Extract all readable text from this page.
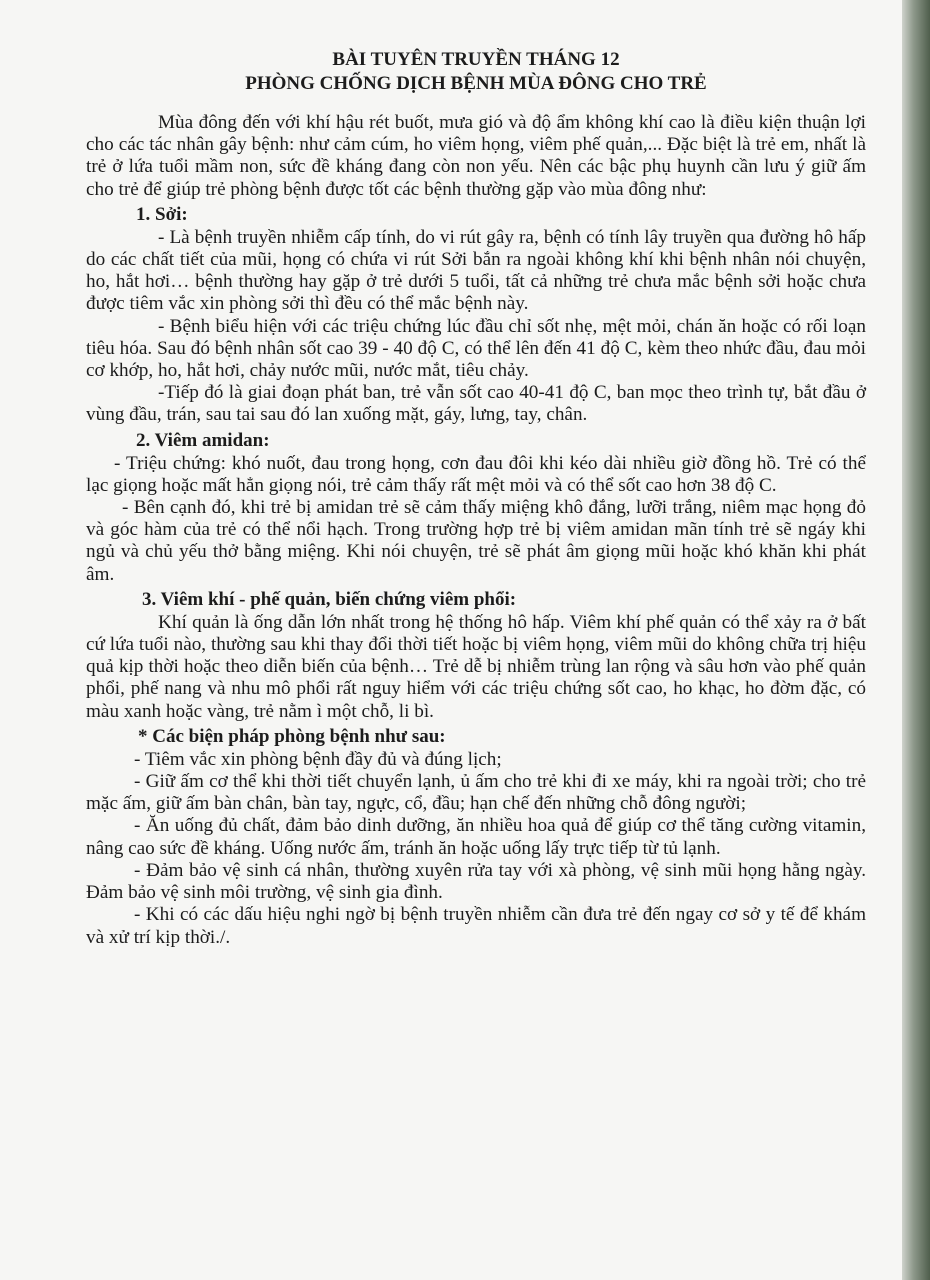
BÀI TUYÊN TRUYỀN THÁNG 12
PHÒNG CHỐNG DỊCH BỆNH MÙA ĐÔNG CHO TRẺ

Mùa đông đến với khí hậu rét buốt, mưa gió và độ ẩm không khí cao là điều kiện thuận lợi cho các tác nhân gây bệnh: như cảm cúm, ho viêm họng, viêm phế quản,... Đặc biệt là trẻ em, nhất là trẻ ở lứa tuổi mầm non, sức đề kháng đang còn non yếu. Nên các bậc phụ huynh cần lưu ý giữ ấm cho trẻ để giúp trẻ phòng bệnh được tốt các bệnh thường gặp vào mùa đông như:

1. Sởi:

- Là bệnh truyền nhiễm cấp tính, do vi rút gây ra, bệnh có tính lây truyền qua đường hô hấp do các chất tiết của mũi, họng có chứa vi rút Sởi bắn ra ngoài không khí khi bệnh nhân nói chuyện, ho, hắt hơi… bệnh thường hay gặp ở trẻ dưới 5 tuổi, tất cả những trẻ chưa mắc bệnh sởi hoặc chưa được tiêm vắc xin phòng sởi thì đều có thể mắc bệnh này.

- Bệnh biểu hiện với các triệu chứng lúc đầu chỉ sốt nhẹ, mệt mỏi, chán ăn hoặc có rối loạn tiêu hóa. Sau đó bệnh nhân sốt cao 39 - 40 độ C, có thể lên đến 41 độ C, kèm theo nhức đầu, đau mỏi cơ khớp, ho, hắt hơi, chảy nước mũi, nước mắt, tiêu chảy.

-Tiếp đó là giai đoạn phát ban, trẻ vẫn sốt cao 40-41 độ C, ban mọc theo trình tự, bắt đầu ở vùng đầu, trán, sau tai sau đó lan xuống mặt, gáy, lưng, tay, chân.

2. Viêm amidan:

- Triệu chứng: khó nuốt, đau trong họng, cơn đau đôi khi kéo dài nhiều giờ đồng hồ. Trẻ có thể lạc giọng hoặc mất hẳn giọng nói, trẻ cảm thấy rất mệt mỏi và có thể sốt cao hơn 38 độ C.

- Bên cạnh đó, khi trẻ bị amidan trẻ sẽ cảm thấy miệng khô đắng, lưỡi trắng, niêm mạc họng đỏ và góc hàm của trẻ có thể nổi hạch. Trong trường hợp trẻ bị viêm amidan mãn tính trẻ sẽ ngáy khi ngủ và chủ yếu thở bằng miệng. Khi nói chuyện, trẻ sẽ phát âm giọng mũi hoặc khó khăn khi phát âm.

3. Viêm khí - phế quản, biến chứng viêm phổi:

Khí quản là ống dẫn lớn nhất trong hệ thống hô hấp. Viêm khí phế quản có thể xảy ra ở bất cứ lứa tuổi nào, thường sau khi thay đổi thời tiết hoặc bị viêm họng, viêm mũi do không chữa trị hiệu quả kịp thời hoặc theo diễn biến của bệnh… Trẻ dễ bị nhiễm trùng lan rộng và sâu hơn vào phế quản phổi, phế nang và nhu mô phổi rất nguy hiểm với các triệu chứng sốt cao, ho khạc, ho đờm đặc, có màu xanh hoặc vàng, trẻ nằm ì một chỗ, li bì.

* Các biện pháp phòng bệnh như sau:

- Tiêm vắc xin phòng bệnh đầy đủ và đúng lịch;

- Giữ ấm cơ thể khi thời tiết chuyển lạnh, ủ ấm cho trẻ khi đi xe máy, khi ra ngoài trời; cho trẻ mặc ấm, giữ ấm bàn chân, bàn tay, ngực, cổ, đầu; hạn chế đến những chỗ đông người;

- Ăn uống đủ chất, đảm bảo dinh dưỡng, ăn nhiều hoa quả để giúp cơ thể tăng cường vitamin, nâng cao sức đề kháng. Uống nước ấm, tránh ăn hoặc uống lấy trực tiếp từ tủ lạnh.

- Đảm bảo vệ sinh cá nhân, thường xuyên rửa tay với xà phòng, vệ sinh mũi họng hằng ngày. Đảm bảo vệ sinh môi trường, vệ sinh gia đình.

- Khi có các dấu hiệu nghi ngờ bị bệnh truyền nhiễm cần đưa trẻ đến ngay cơ sở y tế để khám và xử trí kịp thời./.
